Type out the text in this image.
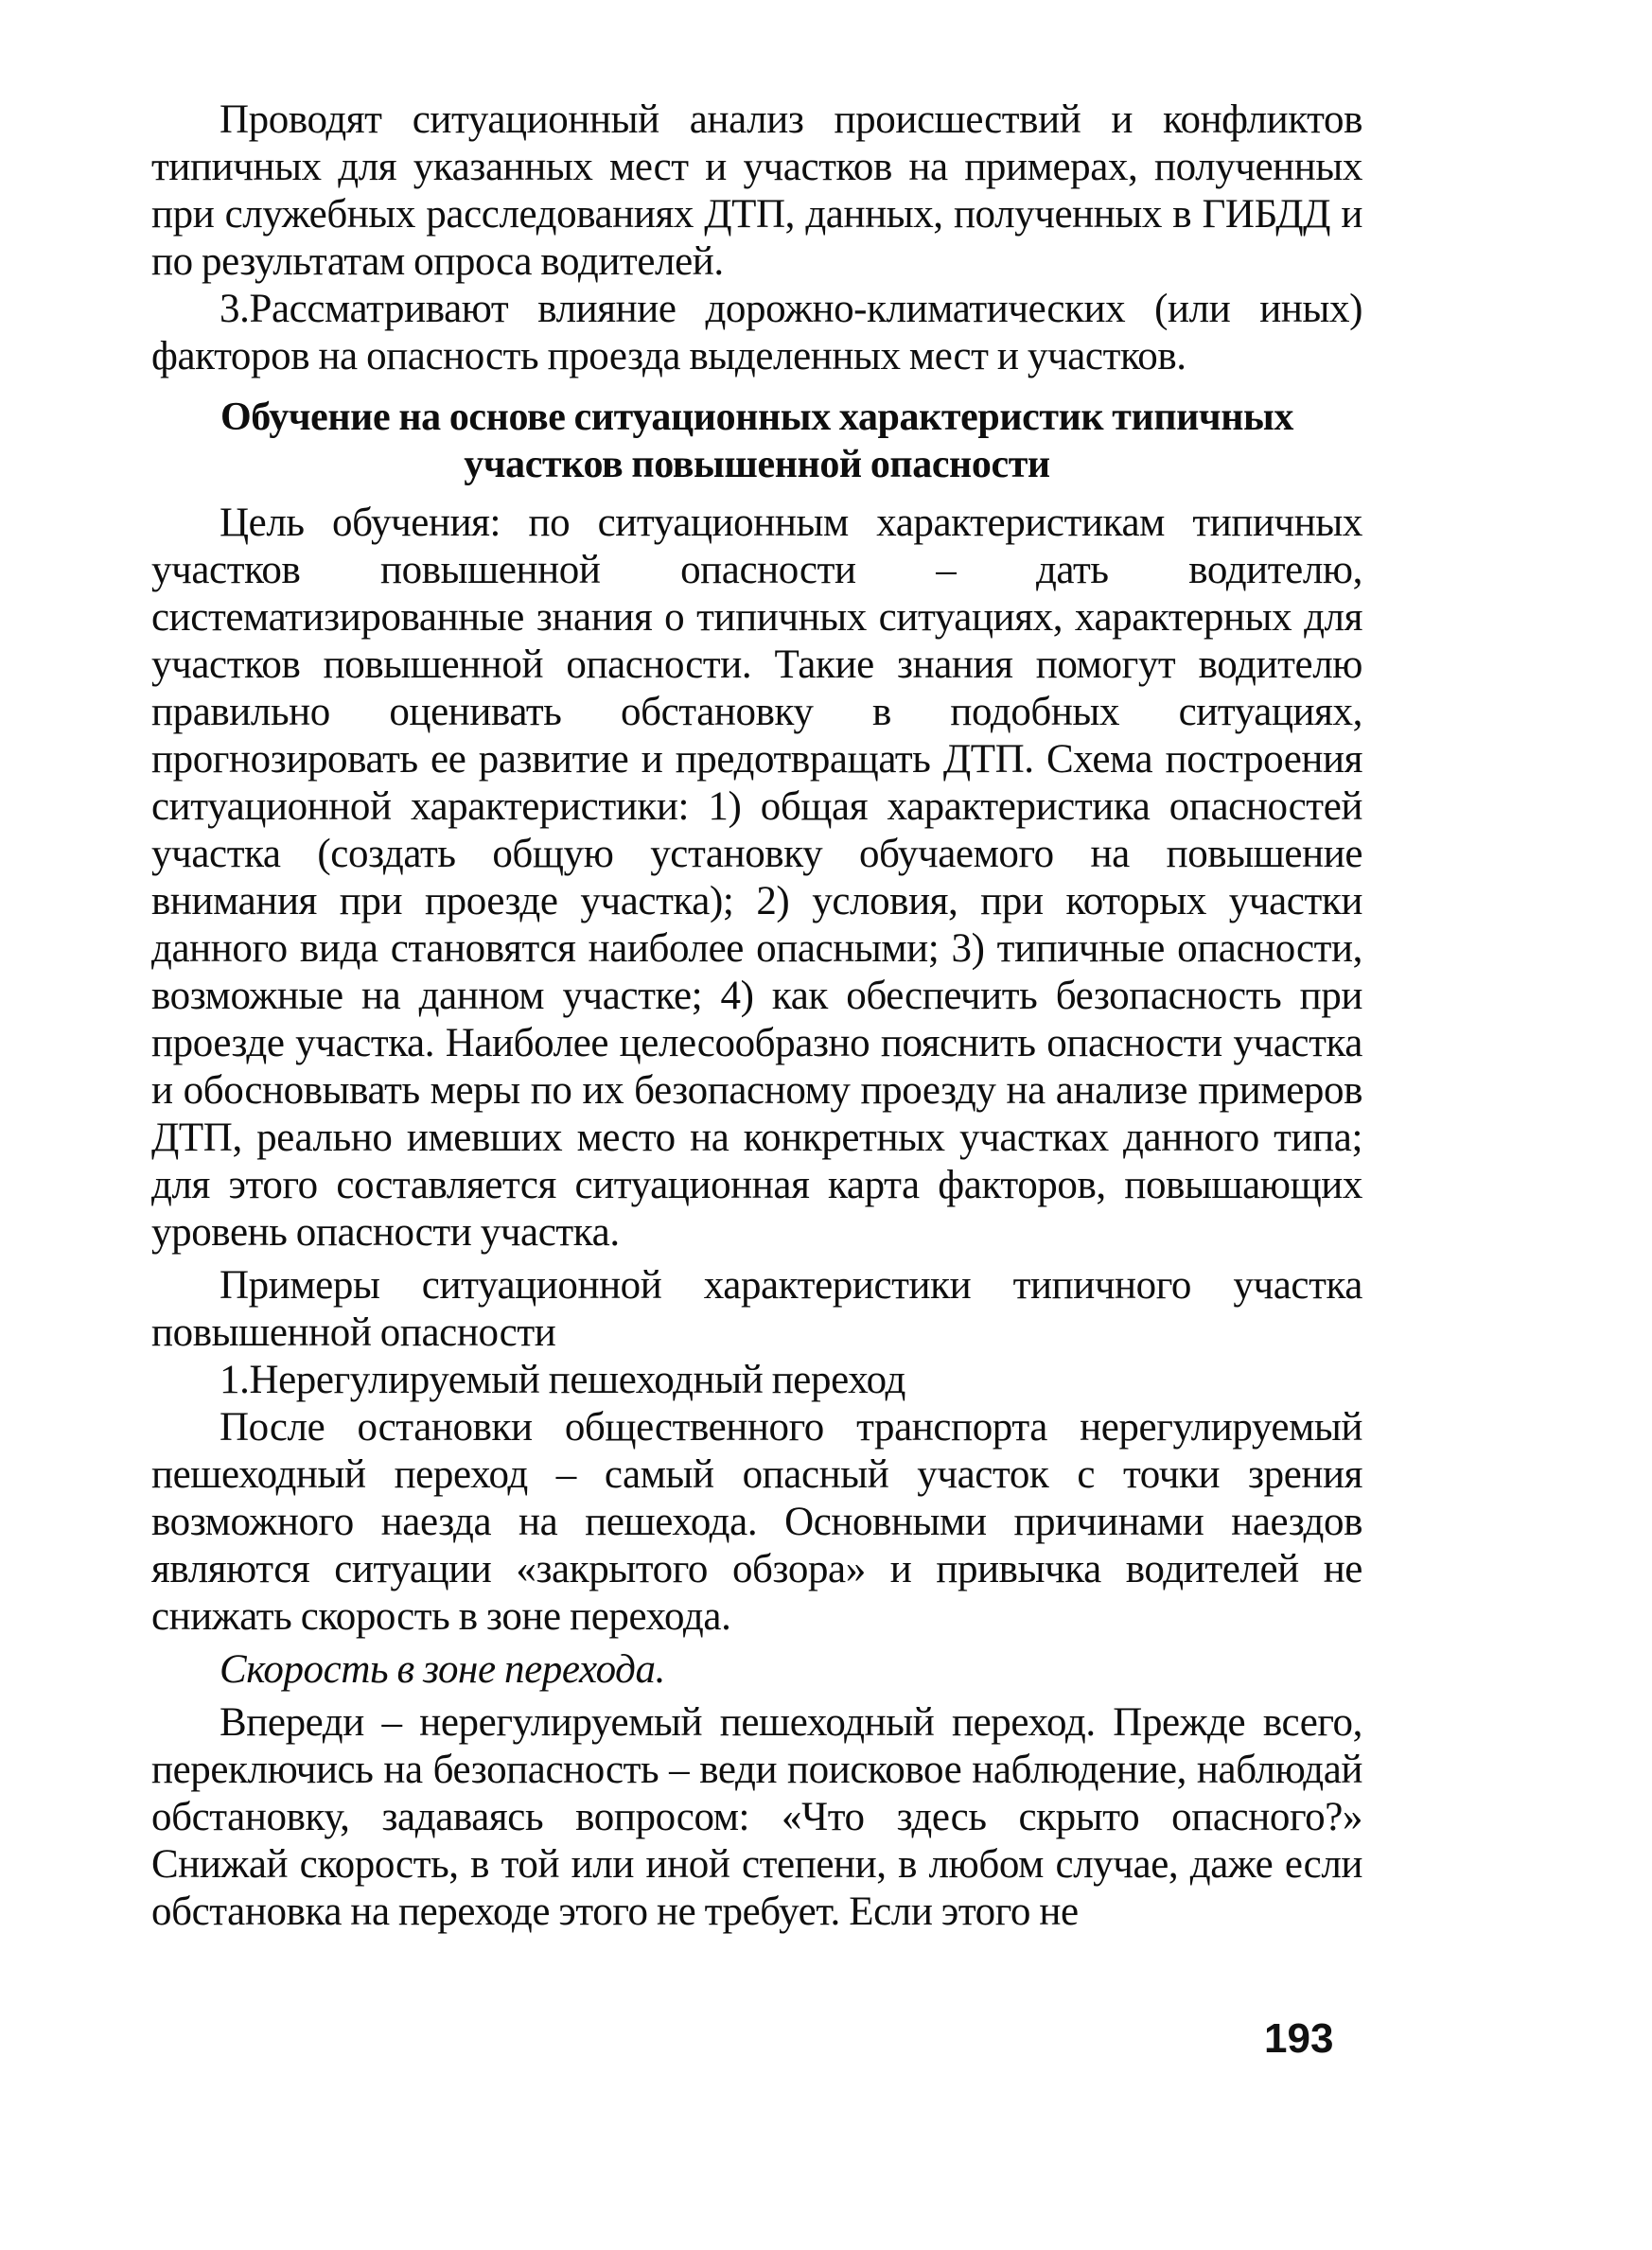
Проводят ситуационный анализ происшествий и конфликтов типичных для указанных мест и участков на примерах, полученных при служебных расследованиях ДТП, данных, полученных в ГИБДД и по результатам опроса водителей.

3.Рассматривают влияние дорожно-климатических (или иных) факторов на опасность проезда выделенных мест и участков.

Обучение на основе ситуационных характеристик типичных
участков повышенной опасности

Цель обучения: по ситуационным характеристикам типичных участков повышенной опасности – дать водителю, систематизированные знания о типичных ситуациях, характерных для участков повышенной опасности. Такие знания помогут водителю правильно оценивать обстановку в подобных ситуациях, прогнозировать ее развитие и предотвращать ДТП. Схема построения ситуационной характеристики: 1) общая характеристика опасностей участка (создать общую установку обучаемого на повышение внимания при проезде участка); 2) условия, при которых участки данного вида становятся наиболее опасными; 3) типичные опасности, возможные на данном участке; 4) как обеспечить безопасность при проезде участка. Наиболее целесообразно пояснить опасности участка и обосновывать меры по их безопасному проезду на анализе примеров ДТП, реально имевших место на конкретных участках данного типа; для этого составляется ситуационная карта факторов, повышающих уровень опасности участка.

Примеры ситуационной характеристики типичного участка повышенной опасности

1.Нерегулируемый пешеходный переход

После остановки общественного транспорта нерегулируемый пешеходный переход – самый опасный участок с точки зрения возможного наезда на пешехода. Основными причинами наездов являются ситуации «закрытого обзора» и привычка водителей не снижать скорость в зоне перехода.

Скорость в зоне перехода.

Впереди – нерегулируемый пешеходный переход. Прежде всего, переключись на безопасность – веди поисковое наблюдение, наблюдай обстановку, задаваясь вопросом: «Что здесь скрыто опасного?» Снижай скорость, в той или иной степени, в любом случае, даже если обстановка на переходе этого не требует. Если этого не

193
